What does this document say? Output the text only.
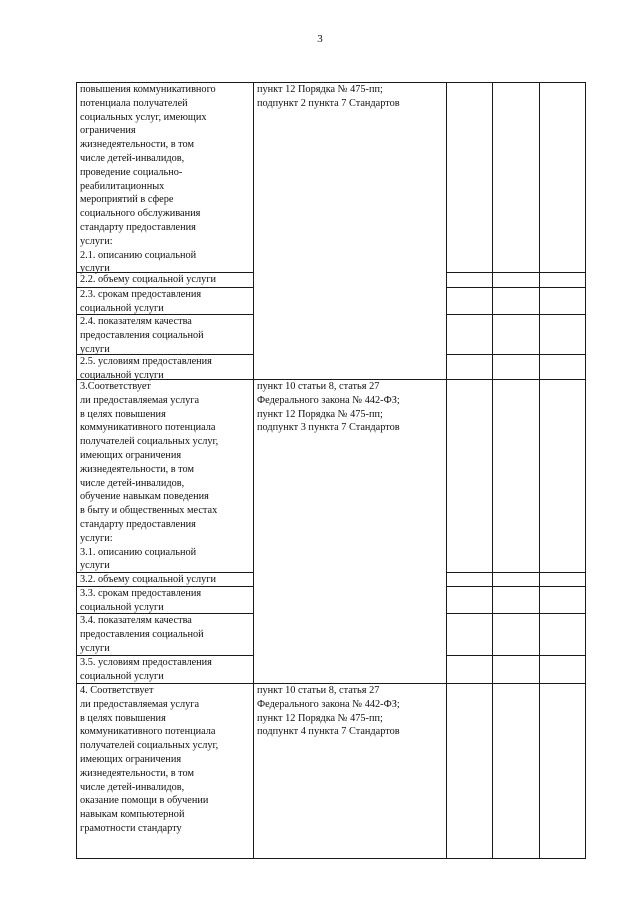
3
повышения коммуникативного
потенциала получателей
социальных услуг, имеющих
ограничения
жизнедеятельности, в том
числе детей-инвалидов,
проведение социально-
реабилитационных
мероприятий в сфере
социального обслуживания
стандарту предоставления
услуги:
2.1. описанию социальной
услуги
пункт 12 Порядка № 475-пп;
подпункт 2 пункта 7 Стандартов
2.2. объему социальной услуги
2.3. срокам предоставления
социальной услуги
2.4. показателям качества
предоставления социальной
услуги
2.5. условиям предоставления
социальной услуги
3.Соответствует
ли предоставляемая услуга
в целях повышения
коммуникативного потенциала
получателей социальных услуг,
имеющих ограничения
жизнедеятельности, в том
числе детей-инвалидов,
обучение навыкам поведения
в быту и общественных местах
стандарту предоставления
услуги:
3.1. описанию социальной
услуги
пункт 10 статьи 8, статья 27
Федерального закона № 442-ФЗ;
пункт 12 Порядка № 475-пп;
подпункт 3 пункта 7 Стандартов
3.2. объему социальной услуги
3.3. срокам предоставления
социальной услуги
3.4. показателям качества
предоставления социальной
услуги
3.5. условиям предоставления
социальной услуги
4. Соответствует
ли предоставляемая услуга
в целях повышения
коммуникативного потенциала
получателей социальных услуг,
имеющих ограничения
жизнедеятельности, в том
числе детей-инвалидов,
оказание помощи в обучении
навыкам компьютерной
грамотности стандарту
пункт 10 статьи 8, статья 27
Федерального закона № 442-ФЗ;
пункт 12 Порядка № 475-пп;
подпункт 4 пункта 7 Стандартов
